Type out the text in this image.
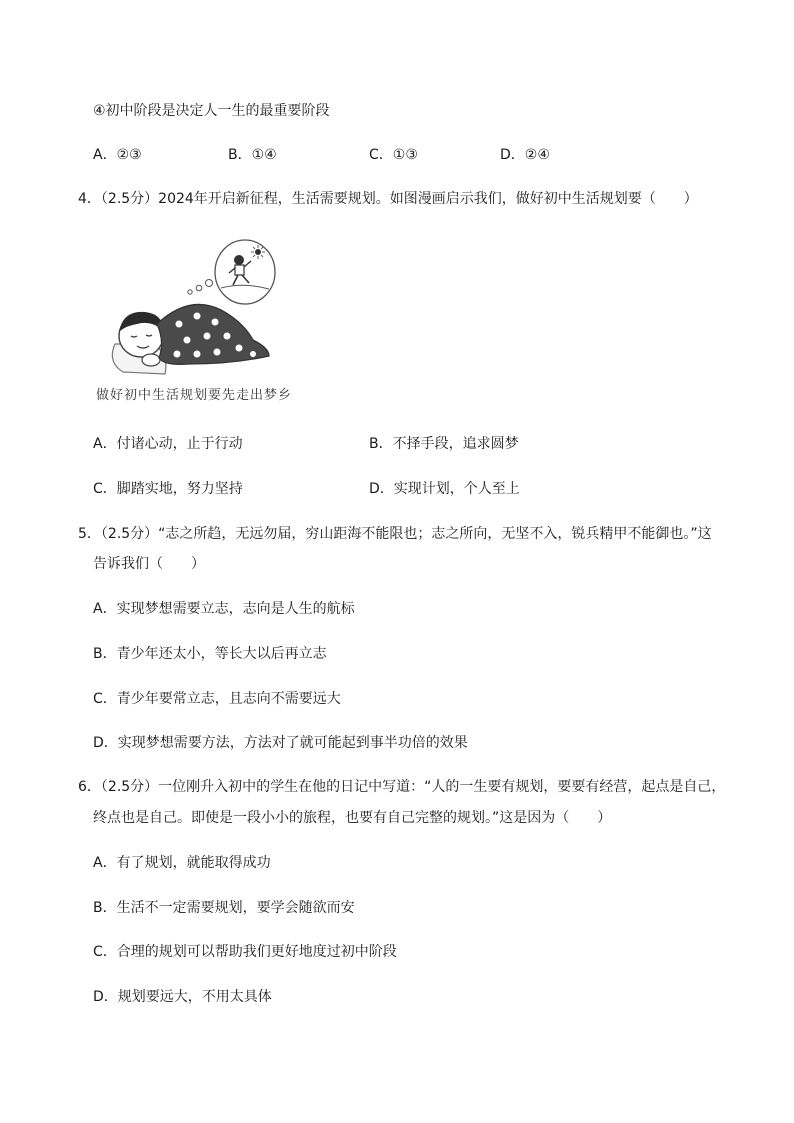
④初中阶段是决定人一生的最重要阶段
A．②③	B．①④	C．①③	D．②④
4．（2.5分）2024年开启新征程，生活需要规划。如图漫画启示我们，做好初中生活规划要（　　）
做好初中生活规划要先走出梦乡
A．付诸心动，止于行动	B．不择手段，追求圆梦
C．脚踏实地，努力坚持	D．实现计划，个人至上
5．（2.5分）“志之所趋，无远勿届，穷山距海不能限也；志之所向，无坚不入，锐兵精甲不能御也。”这
告诉我们（　　）
A．实现梦想需要立志，志向是人生的航标
B．青少年还太小，等长大以后再立志
C．青少年要常立志，且志向不需要远大
D．实现梦想需要方法，方法对了就可能起到事半功倍的效果
6．（2.5分）一位刚升入初中的学生在他的日记中写道：“人的一生要有规划，要要有经营，起点是自己，
终点也是自己。即使是一段小小的旅程，也要有自己完整的规划。”这是因为（　　）
A．有了规划，就能取得成功
B．生活不一定需要规划，要学会随欲而安
C．合理的规划可以帮助我们更好地度过初中阶段
D．规划要远大，不用太具体
